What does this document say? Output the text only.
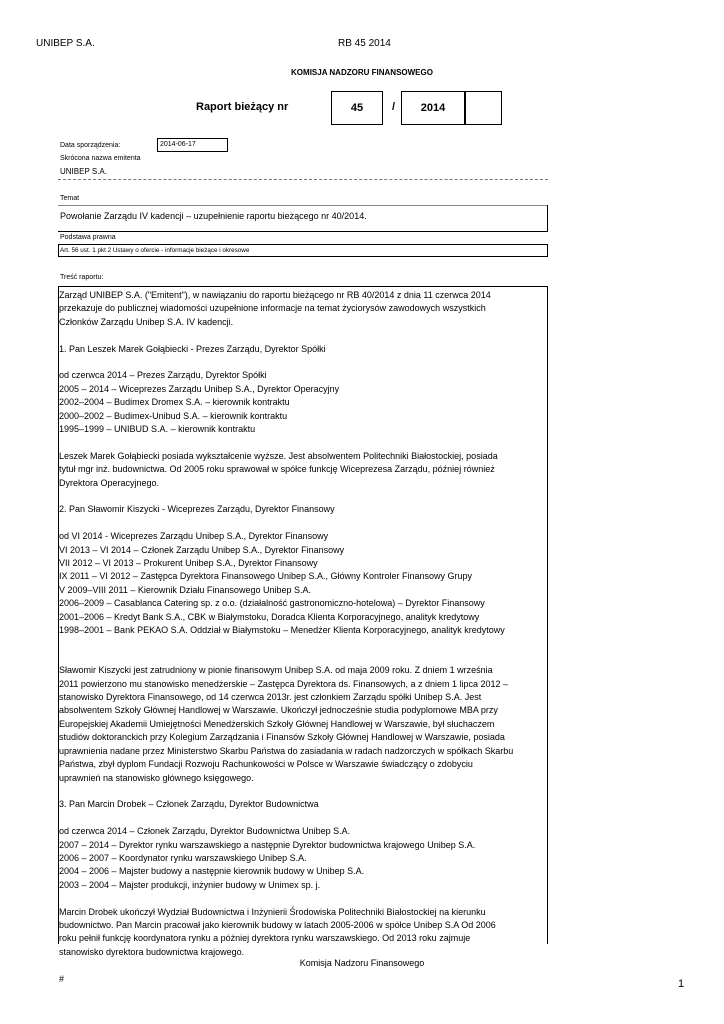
UNIBEP S.A.	RB 45 2014
KOMISJA NADZORU FINANSOWEGO
Raport bieżący nr	45	/ 2014
Data sporządzenia:	2014-06-17
Skrócona nazwa emitenta
UNIBEP S.A.
Temat
Powołanie Zarządu IV kadencji – uzupełnienie raportu bieżącego nr 40/2014.
Podstawa prawna
Art. 56 ust. 1 pkt 2 Ustawy o ofercie - informacje bieżące i okresowe
Treść raportu:

Zarząd UNIBEP S.A. ("Emitent"), w nawiązaniu do raportu bieżącego nr RB 40/2014 z dnia 11 czerwca 2014

przekazuje do publicznej wiadomości uzupełnione informacje na temat życiorysów zawodowych wszystkich

Członków Zarządu Unibep S.A. IV kadencji.

1. Pan Leszek Marek Gołąbiecki - Prezes Zarządu, Dyrektor Spółki

od czerwca 2014 – Prezes Zarządu, Dyrektor Spółki

2005 – 2014 – Wiceprezes Zarządu Unibep S.A., Dyrektor Operacyjny

2002–2004 – Budimex Dromex S.A. – kierownik kontraktu

2000–2002 – Budimex-Unibud S.A. – kierownik kontraktu

1995–1999 – UNIBUD S.A. – kierownik kontraktu

Leszek Marek Gołąbiecki posiada wykształcenie wyższe. Jest absolwentem Politechniki Białostockiej, posiada

tytuł mgr inż. budownictwa. Od 2005 roku sprawował w spółce funkcję Wiceprezesa Zarządu, później również

Dyrektora Operacyjnego.

2. Pan Sławomir Kiszycki - Wiceprezes Zarządu, Dyrektor Finansowy

od VI 2014 - Wiceprezes Zarządu Unibep S.A., Dyrektor Finansowy

VI 2013 – VI 2014 – Członek Zarządu Unibep S.A., Dyrektor Finansowy

VII 2012 – VI 2013 – Prokurent Unibep S.A., Dyrektor Finansowy

IX 2011 – VI 2012 – Zastępca Dyrektora Finansowego Unibep S.A., Główny Kontroler Finansowy Grupy

V 2009–VIII 2011 – Kierownik Działu Finansowego Unibep S.A.

2006–2009 – Casablanca Catering sp. z o.o. (działalność gastronomiczno-hotelowa) – Dyrektor Finansowy

2001–2006 – Kredyt Bank S.A., CBK w Białymstoku, Doradca Klienta Korporacyjnego, analityk kredytowy

1998–2001 – Bank PEKAO S.A. Oddział w Białymstoku – Menedżer Klienta Korporacyjnego, analityk kredytowy

Sławomir Kiszycki jest zatrudniony w pionie finansowym Unibep S.A. od maja 2009 roku. Z dniem 1 września

2011 powierzono mu stanowisko menedżerskie – Zastępca Dyrektora ds. Finansowych, a z dniem 1 lipca 2012 –

stanowisko Dyrektora Finansowego, od 14 czerwca 2013r. jest członkiem Zarządu spółki Unibep S.A. Jest

absolwentem Szkoły Głównej Handlowej w Warszawie. Ukończył jednocześnie studia podyplomowe MBA przy

Europejskiej Akademii Umiejętności Menedżerskich Szkoły Głównej Handlowej w Warszawie, był słuchaczem

studiów doktoranckich przy Kolegium Zarządzania i Finansów Szkoły Głównej Handlowej w Warszawie, posiada

uprawnienia nadane przez Ministerstwo Skarbu Państwa do zasiadania w radach nadzorczych w spółkach Skarbu

Państwa, zbył dyplom Fundacji Rozwoju Rachunkowości w Polsce w Warszawie świadczący o zdobyciu

uprawnień na stanowisko głównego księgowego.

3. Pan Marcin Drobek – Członek Zarządu, Dyrektor Budownictwa

od czerwca 2014 – Członek Zarządu, Dyrektor Budownictwa Unibep S.A.

2007 – 2014 – Dyrektor rynku warszawskiego a następnie Dyrektor budownictwa krajowego Unibep S.A.

2006 – 2007 – Koordynator rynku warszawskiego Unibep S.A.

2004 – 2006 – Majster budowy a następnie kierownik budowy w Unibep S.A.

2003 – 2004 – Majster produkcji, inżynier budowy w Unimex sp. j.

Marcin Drobek ukończył Wydział Budownictwa i Inżynierii Środowiska Politechniki Białostockiej na kierunku

budownictwo. Pan Marcin pracował jako kierownik budowy w latach 2005-2006 w spółce Unibep S.A Od 2006

roku pełnił funkcję koordynatora rynku a później dyrektora rynku warszawskiego. Od 2013 roku zajmuje

stanowisko dyrektora budownictwa krajowego.

#

Komisja Nadzoru Finansowego
1
